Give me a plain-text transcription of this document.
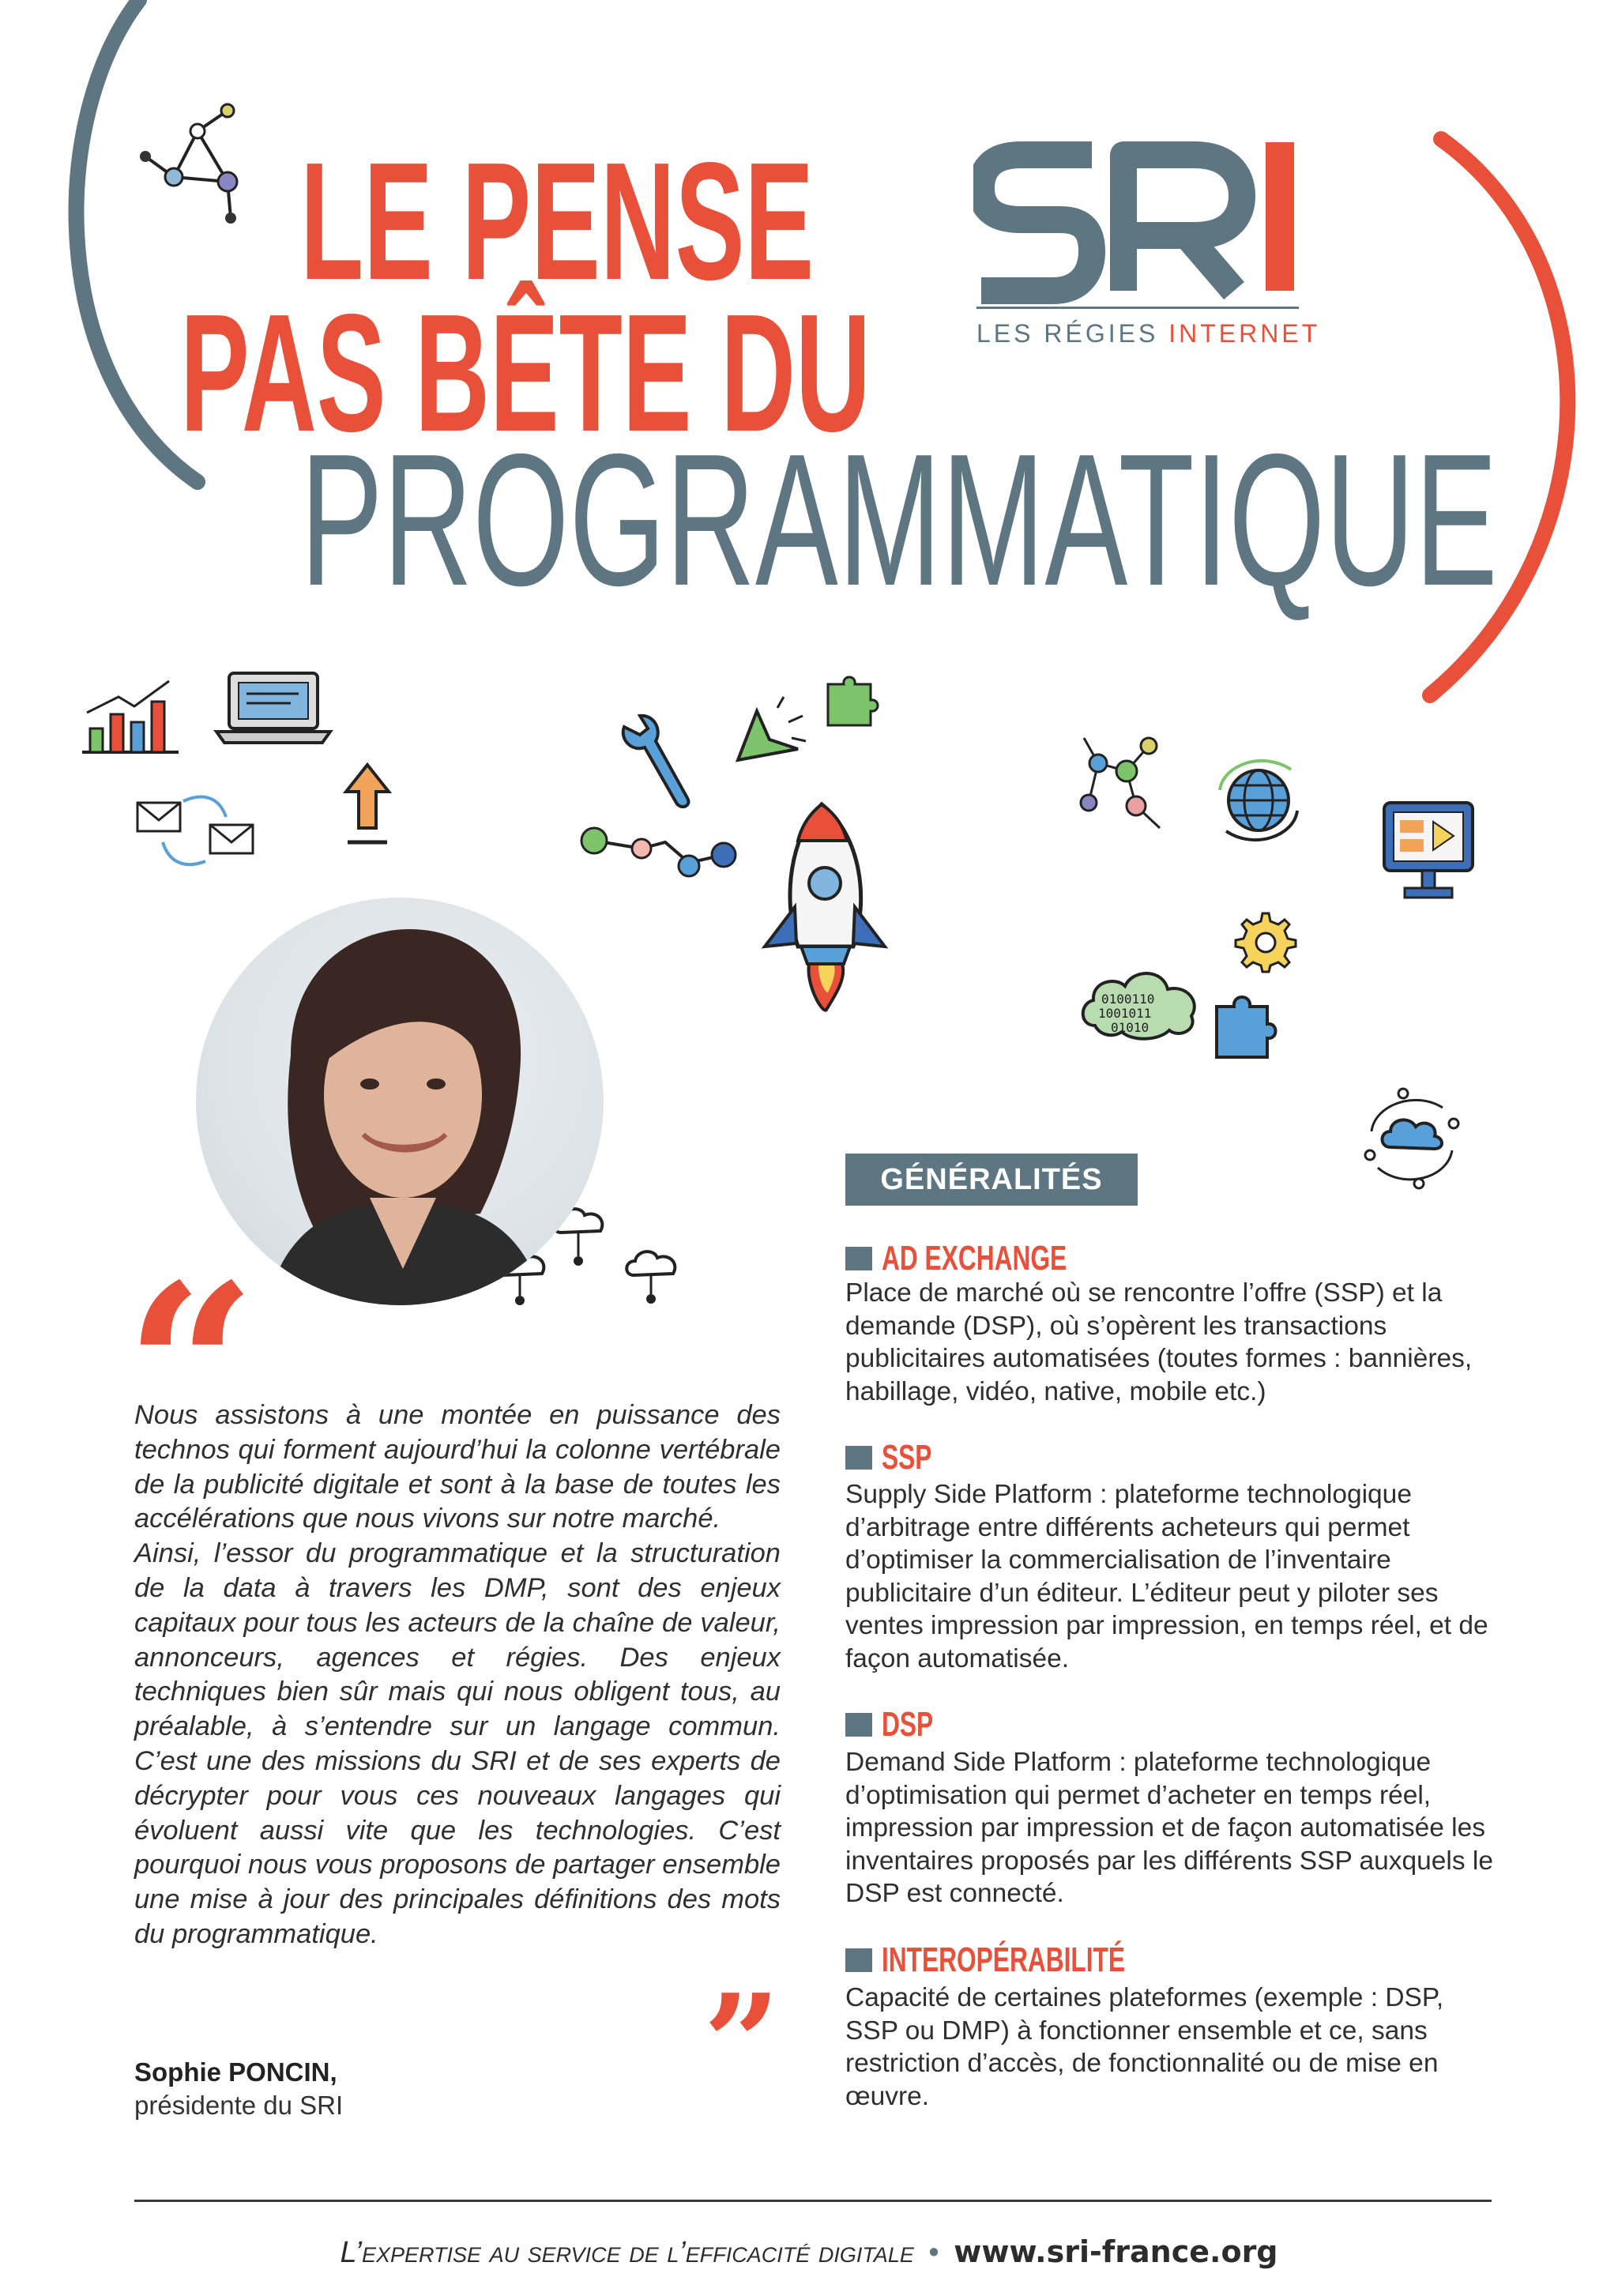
LE PENSE
PAS BÊTE DU
PROGRAMMATIQUE
LES RÉGIES INTERNET
0100110
1001011
01010
“

Nous assistons à une montée en puissance des technos qui forment aujourd’hui la colonne vertébrale de la publicité digitale et sont à la base de toutes les accélérations que nous vivons sur notre marché.

Ainsi, l’essor du programmatique et la structuration de la data à travers les DMP, sont des enjeux capitaux pour tous les acteurs de la chaîne de valeur, annonceurs, agences et régies. Des enjeux techniques bien sûr mais qui nous obligent tous, au préalable, à s’entendre sur un langage commun. C’est une des missions du SRI et de ses experts de décrypter pour vous ces nouveaux langages qui évoluent aussi vite que les technologies. C’est pourquoi nous vous proposons de partager ensemble une mise à jour des principales définitions des mots du programmatique.

”
Sophie PONCIN,
présidente du SRI
GÉNÉRALITÉS
AD EXCHANGE

Place de marché où se rencontre l’offre (SSP) et la demande (DSP), où s’opèrent les transactions publicitaires automatisées (toutes formes : bannières, habillage, vidéo, native, mobile etc.)

SSP

Supply Side Platform : plateforme technologique d’arbitrage entre différents acheteurs qui permet d’optimiser la commercialisation de l’inventaire publicitaire d’un éditeur. L’éditeur peut y piloter ses ventes impression par impression, en temps réel, et de façon automatisée.

DSP

Demand Side Platform : plateforme technologique d’optimisation qui permet d’acheter en temps réel, impression par impression et de façon automatisée les inventaires proposés par les différents SSP auxquels le DSP est connecté.

INTEROPÉRABILITÉ

Capacité de certaines plateformes (exemple : DSP, SSP ou DMP) à fonctionner ensemble et ce, sans restriction d’accès, de fonctionnalité ou de mise en œuvre.

L’expertise au service de l’efficacité digitale • www.sri-france.org
